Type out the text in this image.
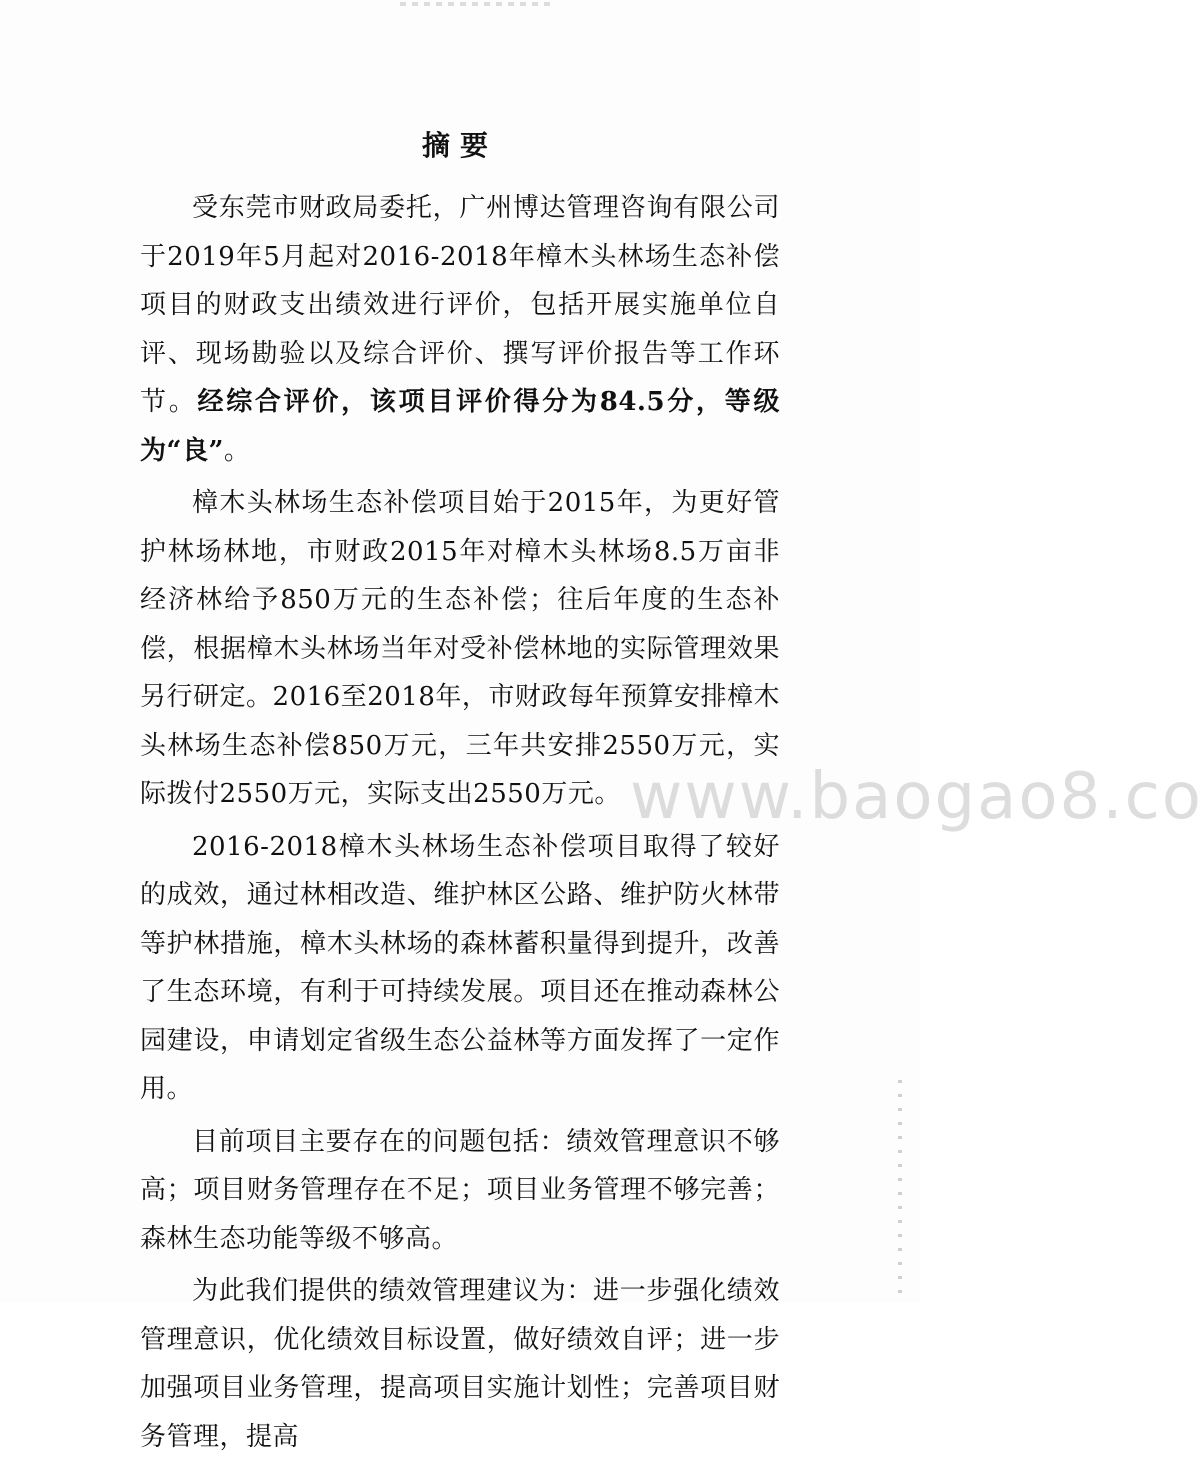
摘要

受东莞市财政局委托，广州博达管理咨询有限公司于2019年5月起对2016-2018年樟木头林场生态补偿项目的财政支出绩效进行评价，包括开展实施单位自评、现场勘验以及综合评价、撰写评价报告等工作环节。经综合评价，该项目评价得分为84.5分，等级为“良”。

樟木头林场生态补偿项目始于2015年，为更好管护林场林地，市财政2015年对樟木头林场8.5万亩非经济林给予850万元的生态补偿；往后年度的生态补偿，根据樟木头林场当年对受补偿林地的实际管理效果另行研定。2016至2018年，市财政每年预算安排樟木头林场生态补偿850万元，三年共安排2550万元，实际拨付2550万元，实际支出2550万元。

2016-2018樟木头林场生态补偿项目取得了较好的成效，通过林相改造、维护林区公路、维护防火林带等护林措施，樟木头林场的森林蓄积量得到提升，改善了生态环境，有利于可持续发展。项目还在推动森林公园建设，申请划定省级生态公益林等方面发挥了一定作用。

目前项目主要存在的问题包括：绩效管理意识不够高；项目财务管理存在不足；项目业务管理不够完善；森林生态功能等级不够高。

为此我们提供的绩效管理建议为：进一步强化绩效管理意识，优化绩效目标设置，做好绩效自评；进一步加强项目业务管理，提高项目实施计划性；完善项目财务管理，提高

www.baogao8.co
